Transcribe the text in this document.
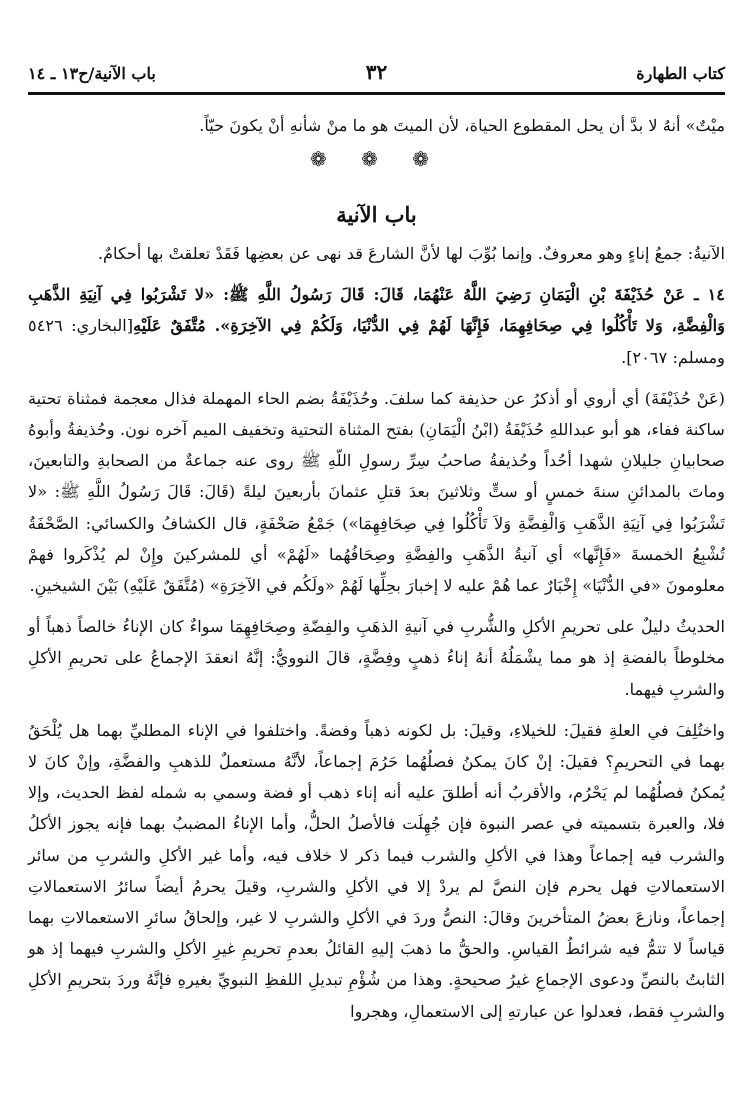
كتاب الطهارة
٣٢
باب الآنية/ح١٣ ـ ١٤

ميْتٌ» أنهُ لا بدَّ أن يحل المقطوع الحياة، لأن الميتَ هو ما منْ شأنهِ أنْ يكونَ حيّاً.

❁ ❁ ❁
باب الآنية

الآنيةُ: جمعُ إناءٍ وهو معروفٌ. وإنما بُوِّبَ لها لأنَّ الشارعَ قد نهى عن بعضِها فَقَدْ تعلقتْ بها أحكامٌ.

١٤ ـ عَنْ حُذَيْفَةَ بْنِ الْيَمَانِ رَضِيَ اللَّهُ عَنْهُمَا، قَالَ: قَالَ رَسُولُ اللَّهِ ﷺ: «لا تَشْرَبُوا فِي آنِيَةِ الذَّهَبِ وَالْفِضَّةِ، وَلا تَأْكُلُوا فِي صِحَافِهِمَا، فَإِنَّهَا لَهُمْ فِي الدُّنْيَا، وَلَكُمْ فِي الآخِرَةِ». مُتَّفَقٌ عَلَيْهِ[البخاري: ٥٤٢٦ ومسلم: ٢٠٦٧].

(عَنْ حُذَيْفَةَ) أي أروي أو أذكرُ عن حذيفة كما سلفَ. وحُذَيْفَةُ بضم الحاء المهملة فذال معجمة فمثناة تحتية ساكنة ففاء، هو أبو عبداللهِ حُذَيْفَةُ (ابْنُ الْيَمَانِ) بفتح المثناة التحتية وتخفيف الميم آخره نون. وحُذيفةُ وأبوهُ صحابيانِ جليلانِ شهدا أحُداً وحُذيفةُ صاحبُ سِرِّ رسولِ اللّهِ ﷺ روى عنه جماعةٌ من الصحابةِ والتابعينَ، وماتَ بالمدائنِ سنةَ خمسٍ أو ستٍّ وثلاثينَ بعدَ قتلِ عثمانَ بأربعينَ ليلةً (قَالَ: قَالَ رَسُولُ اللَّهِ ﷺ: «لا تَشْرَبُوا فِي آنِيَةِ الذَّهَبِ وَالْفِضَّةِ وَلاَ تَأْكُلُوا فِي صِحَافِهِمَا») جَمْعُ صَحْفَةٍ، قال الكشافُ والكسائي: الصَّحْفَةُ تُشْبِعُ الخمسةَ «فَإِنَّها» أي آنيةُ الذَّهَبِ والفِضَّةِ وصِحَافُهُما «لَهُمْ» أي للمشركينَ وإِنْ لم يُذْكَروا فهمْ معلومونَ «في الدُّنْيَا» إِخْبَارٌ عما هُمْ عليه لا إخبارَ بحِلِّها لَهُمْ «ولَكُم في الآخِرَةِ» (مُتَّفَقٌ عَلَيْهِ) بَيْنَ الشيخينِ.

الحديثُ دليلٌ على تحريمِ الأكلِ والشُّربِ في آنيةِ الذهَبِ والفِضّةِ وصِحَافِهِمَا سواءٌ كان الإناءُ خالصاً ذهباً أو مخلوطاً بالفضةِ إذ هو مما يشْمَلُهُ أنهُ إناءُ ذهبٍ وفِضَّةٍ، قالَ النوويُّ: إنَّهُ انعقدَ الإجماعُ على تحريمِ الأكلِ والشربِ فيهما.

واختُلِفَ في العلةِ فقيلَ: للخيلاءِ، وقيلَ: بل لكونه ذهباً وفضةً. واختلفوا في الإناء المطليِّ بهما هل يُلْحَقُ بهما في التحريمِ؟ فقيلَ: إنْ كانَ يمكنُ فصلُهُما حَرُمَ إجماعاً، لأنَّهُ مستعملٌ للذهبِ والفضَّةِ، وإنْ كانَ لا يُمكنُ فصلُهُما لم يَحْرُم، والأقربُ أنه أطلقَ عليه أنه إناء ذهب أو فضة وسمي به شمله لفظ الحديث، وإلا فلا، والعبرة بتسميته في عصر النبوة فإن جُهِلَت فالأصلُ الحلُّ، وأما الإناءُ المضببُ بهما فإنه يجوز الأكلُ والشرب فيه إجماعاً وهذا في الأكلِ والشرب فيما ذكر لا خلاف فيه، وأما غير الأكلِ والشربِ من سائر الاستعمالاتِ فهل يحرم فإن النصَّ لم يردْ إلا في الأكلِ والشربِ، وقيلَ يحرمُ أيضاً سائرُ الاستعمالاتِ إجماعاً، ونازعَ بعضُ المتأخرينَ وقالَ: النصُّ وردَ في الأكلِ والشربِ لا غير، وإلحاقُ سائرِ الاستعمالاتِ بهما قياساً لا تتمُّ فيه شرائطُ القياسِ. والحقُّ ما ذهبَ إليهِ القائلُ بعدمِ تحريمِ غيرِ الأكلِ والشربِ فيهما إذ هو الثابتُ بالنصِّ ودعوى الإجماعِ غيرُ صحيحةٍ. وهذا من شُؤْمِ تبديلِ اللفظِ النبويِّ بغيرهِ فإنَّهُ وردَ بتحريمِ الأكلِ والشربِ فقط، فعدلوا عن عبارتهِ إلى الاستعمالِ، وهجروا
